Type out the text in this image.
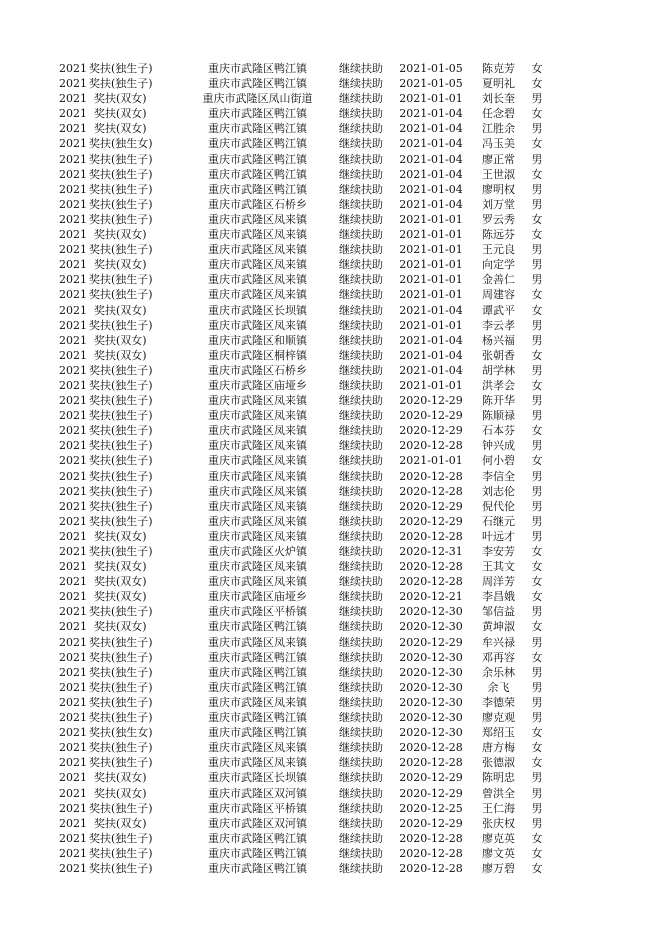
	2021	奖扶(独生子)	重庆市武隆区鸭江镇	继续扶助	2021-01-05	陈克芳	女
	2021	奖扶(独生子)	重庆市武隆区鸭江镇	继续扶助	2021-01-05	夏明礼	女
	2021	奖扶(双女)	重庆市武隆区凤山街道	继续扶助	2021-01-01	刘长奎	男
	2021	奖扶(双女)	重庆市武隆区鸭江镇	继续扶助	2021-01-04	任念碧	女
	2021	奖扶(双女)	重庆市武隆区鸭江镇	继续扶助	2021-01-04	江胜余	男
	2021	奖扶(独生女)	重庆市武隆区鸭江镇	继续扶助	2021-01-04	冯玉美	女
	2021	奖扶(独生子)	重庆市武隆区鸭江镇	继续扶助	2021-01-04	廖正常	男
	2021	奖扶(独生子)	重庆市武隆区鸭江镇	继续扶助	2021-01-04	王世淑	女
	2021	奖扶(独生子)	重庆市武隆区鸭江镇	继续扶助	2021-01-04	廖明权	男
	2021	奖扶(独生子)	重庆市武隆区石桥乡	继续扶助	2021-01-04	刘万堂	男
	2021	奖扶(独生子)	重庆市武隆区凤来镇	继续扶助	2021-01-01	罗云秀	女
	2021	奖扶(双女)	重庆市武隆区凤来镇	继续扶助	2021-01-01	陈远芬	女
	2021	奖扶(独生子)	重庆市武隆区凤来镇	继续扶助	2021-01-01	王元良	男
	2021	奖扶(双女)	重庆市武隆区凤来镇	继续扶助	2021-01-01	向定学	男
	2021	奖扶(独生子)	重庆市武隆区凤来镇	继续扶助	2021-01-01	金善仁	男
	2021	奖扶(独生子)	重庆市武隆区凤来镇	继续扶助	2021-01-01	周建容	女
	2021	奖扶(双女)	重庆市武隆区长坝镇	继续扶助	2021-01-04	谭武平	女
	2021	奖扶(独生子)	重庆市武隆区凤来镇	继续扶助	2021-01-01	李云孝	男
	2021	奖扶(双女)	重庆市武隆区和顺镇	继续扶助	2021-01-04	杨兴福	男
	2021	奖扶(双女)	重庆市武隆区桐梓镇	继续扶助	2021-01-04	张朝香	女
	2021	奖扶(独生子)	重庆市武隆区石桥乡	继续扶助	2021-01-04	胡学林	男
	2021	奖扶(独生子)	重庆市武隆区庙垭乡	继续扶助	2021-01-01	洪孝会	女
	2021	奖扶(独生子)	重庆市武隆区凤来镇	继续扶助	2020-12-29	陈开华	男
	2021	奖扶(独生子)	重庆市武隆区凤来镇	继续扶助	2020-12-29	陈顺禄	男
	2021	奖扶(独生子)	重庆市武隆区凤来镇	继续扶助	2020-12-29	石本芬	女
	2021	奖扶(独生子)	重庆市武隆区凤来镇	继续扶助	2020-12-28	钟兴成	男
	2021	奖扶(独生子)	重庆市武隆区凤来镇	继续扶助	2021-01-01	何小碧	女
	2021	奖扶(独生子)	重庆市武隆区凤来镇	继续扶助	2020-12-28	李信全	男
	2021	奖扶(独生子)	重庆市武隆区凤来镇	继续扶助	2020-12-28	刘志伦	男
	2021	奖扶(独生子)	重庆市武隆区凤来镇	继续扶助	2020-12-29	倪代伦	男
	2021	奖扶(独生子)	重庆市武隆区凤来镇	继续扶助	2020-12-29	石继元	男
	2021	奖扶(双女)	重庆市武隆区凤来镇	继续扶助	2020-12-28	叶远才	男
	2021	奖扶(独生子)	重庆市武隆区火炉镇	继续扶助	2020-12-31	李安芳	女
	2021	奖扶(双女)	重庆市武隆区凤来镇	继续扶助	2020-12-28	王其文	女
	2021	奖扶(双女)	重庆市武隆区凤来镇	继续扶助	2020-12-28	周洋芳	女
	2021	奖扶(双女)	重庆市武隆区庙垭乡	继续扶助	2020-12-21	李昌娥	女
	2021	奖扶(独生子)	重庆市武隆区平桥镇	继续扶助	2020-12-30	邹信益	男
	2021	奖扶(双女)	重庆市武隆区鸭江镇	继续扶助	2020-12-30	黄坤淑	女
	2021	奖扶(独生子)	重庆市武隆区凤来镇	继续扶助	2020-12-29	牟兴禄	男
	2021	奖扶(独生子)	重庆市武隆区鸭江镇	继续扶助	2020-12-30	邓再容	女
	2021	奖扶(独生子)	重庆市武隆区鸭江镇	继续扶助	2020-12-30	余乐林	男
	2021	奖扶(独生子)	重庆市武隆区鸭江镇	继续扶助	2020-12-30	余飞	男
	2021	奖扶(独生子)	重庆市武隆区凤来镇	继续扶助	2020-12-30	李德荣	男
	2021	奖扶(独生子)	重庆市武隆区鸭江镇	继续扶助	2020-12-30	廖克观	男
	2021	奖扶(独生女)	重庆市武隆区鸭江镇	继续扶助	2020-12-30	郑绍玉	女
	2021	奖扶(独生子)	重庆市武隆区凤来镇	继续扶助	2020-12-28	唐方梅	女
	2021	奖扶(独生子)	重庆市武隆区凤来镇	继续扶助	2020-12-28	张德淑	女
	2021	奖扶(双女)	重庆市武隆区长坝镇	继续扶助	2020-12-29	陈明忠	男
	2021	奖扶(双女)	重庆市武隆区双河镇	继续扶助	2020-12-29	曾洪全	男
	2021	奖扶(独生子)	重庆市武隆区平桥镇	继续扶助	2020-12-25	王仁海	男
	2021	奖扶(双女)	重庆市武隆区双河镇	继续扶助	2020-12-29	张庆权	男
	2021	奖扶(独生子)	重庆市武隆区鸭江镇	继续扶助	2020-12-28	廖克英	女
	2021	奖扶(独生子)	重庆市武隆区鸭江镇	继续扶助	2020-12-28	廖文英	女
	2021	奖扶(独生子)	重庆市武隆区鸭江镇	继续扶助	2020-12-28	廖万碧	女
